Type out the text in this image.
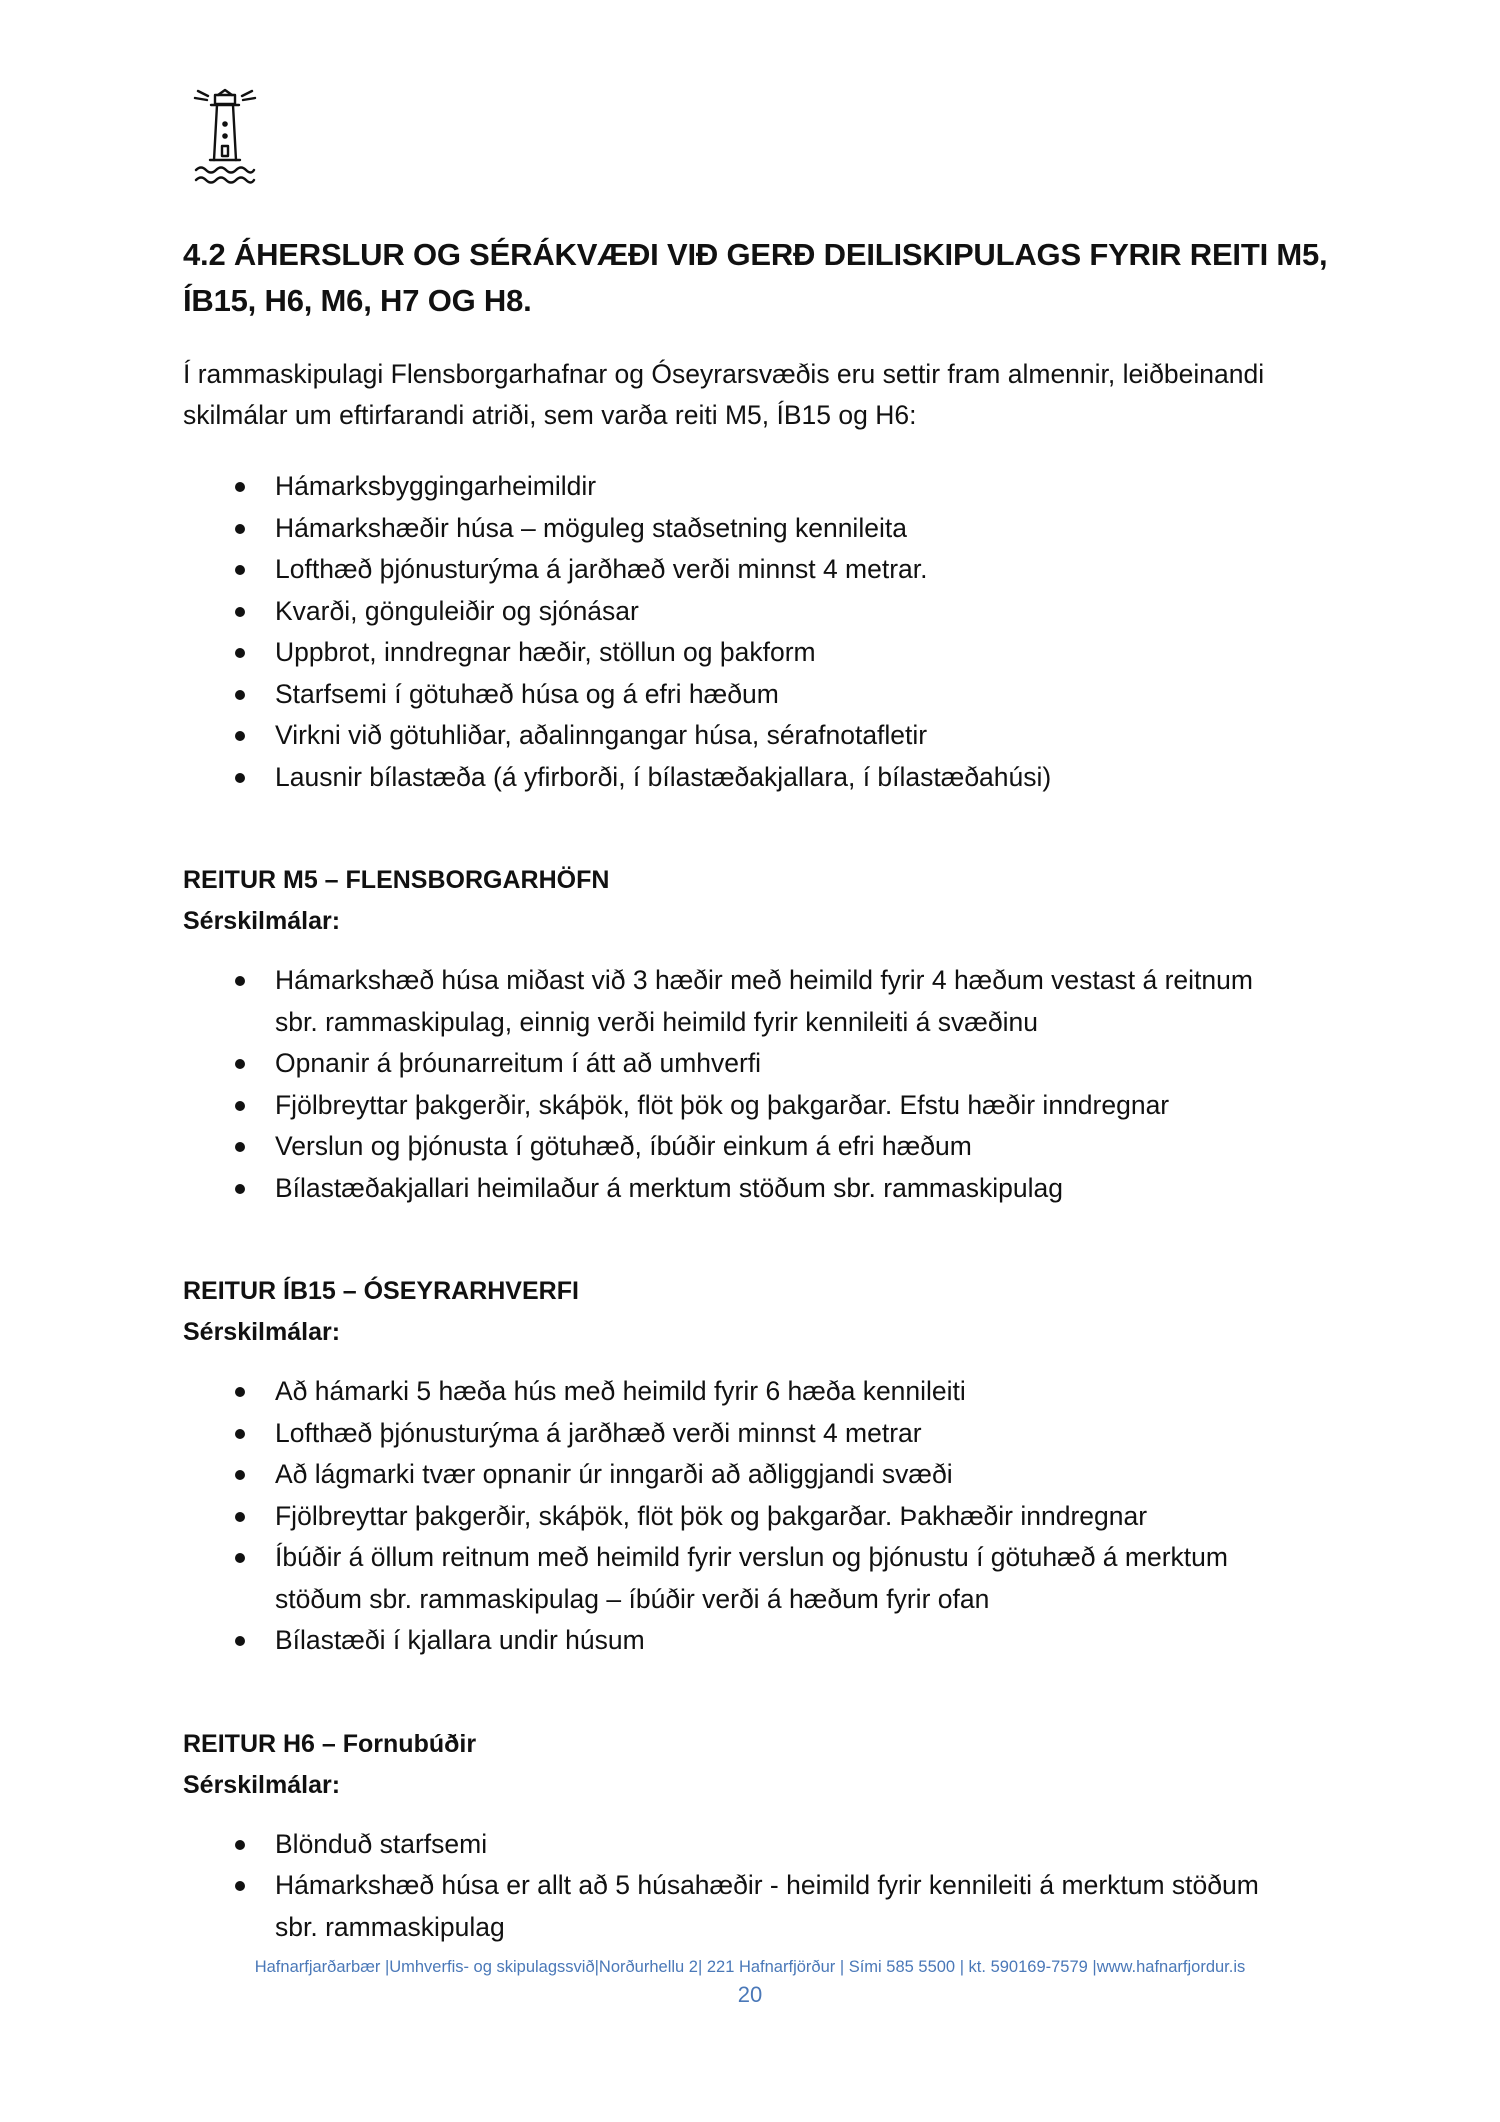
4.2 ÁHERSLUR OG SÉRÁKVÆÐI VIÐ GERÐ DEILISKIPULAGS FYRIR REITI M5,
ÍB15, H6, M6, H7 OG H8.

Í rammaskipulagi Flensborgarhafnar og Óseyrarsvæðis eru settir fram almennir, leiðbeinandi
skilmálar um eftirfarandi atriði, sem varða reiti M5, ÍB15 og H6:

Hámarksbyggingarheimildir
Hámarkshæðir húsa – möguleg staðsetning kennileita
Lofthæð þjónusturýma á jarðhæð verði minnst 4 metrar.
Kvarði, gönguleiðir og sjónásar
Uppbrot, inndregnar hæðir, stöllun og þakform
Starfsemi í götuhæð húsa og á efri hæðum
Virkni við götuhliðar, aðalinngangar húsa, sérafnotafletir
Lausnir bílastæða (á yfirborði, í bílastæðakjallara, í bílastæðahúsi)
REITUR M5 – FLENSBORGARHÖFN
Sérskilmálar:
Hámarkshæð húsa miðast við 3 hæðir með heimild fyrir 4 hæðum vestast á reitnum
sbr. rammaskipulag, einnig verði heimild fyrir kennileiti á svæðinu
Opnanir á þróunarreitum í átt að umhverfi
Fjölbreyttar þakgerðir, skáþök, flöt þök og þakgarðar. Efstu hæðir inndregnar
Verslun og þjónusta í götuhæð, íbúðir einkum á efri hæðum
Bílastæðakjallari heimilaður á merktum stöðum sbr. rammaskipulag
REITUR ÍB15 – ÓSEYRARHVERFI
Sérskilmálar:
Að hámarki 5 hæða hús með heimild fyrir 6 hæða kennileiti
Lofthæð þjónusturýma á jarðhæð verði minnst 4 metrar
Að lágmarki tvær opnanir úr inngarði að aðliggjandi svæði
Fjölbreyttar þakgerðir, skáþök, flöt þök og þakgarðar. Þakhæðir inndregnar
Íbúðir á öllum reitnum með heimild fyrir verslun og þjónustu í götuhæð á merktum
stöðum sbr. rammaskipulag – íbúðir verði á hæðum fyrir ofan
Bílastæði í kjallara undir húsum
REITUR H6 – Fornubúðir
Sérskilmálar:
Blönduð starfsemi
Hámarkshæð húsa er allt að 5 húsahæðir - heimild fyrir kennileiti á merktum stöðum
sbr. rammaskipulag
Hafnarfjarðarbær |Umhverfis- og skipulagssvið|Norðurhellu 2| 221 Hafnarfjörður | Sími 585 5500 | kt. 590169-7579 |www.hafnarfjordur.is
20
